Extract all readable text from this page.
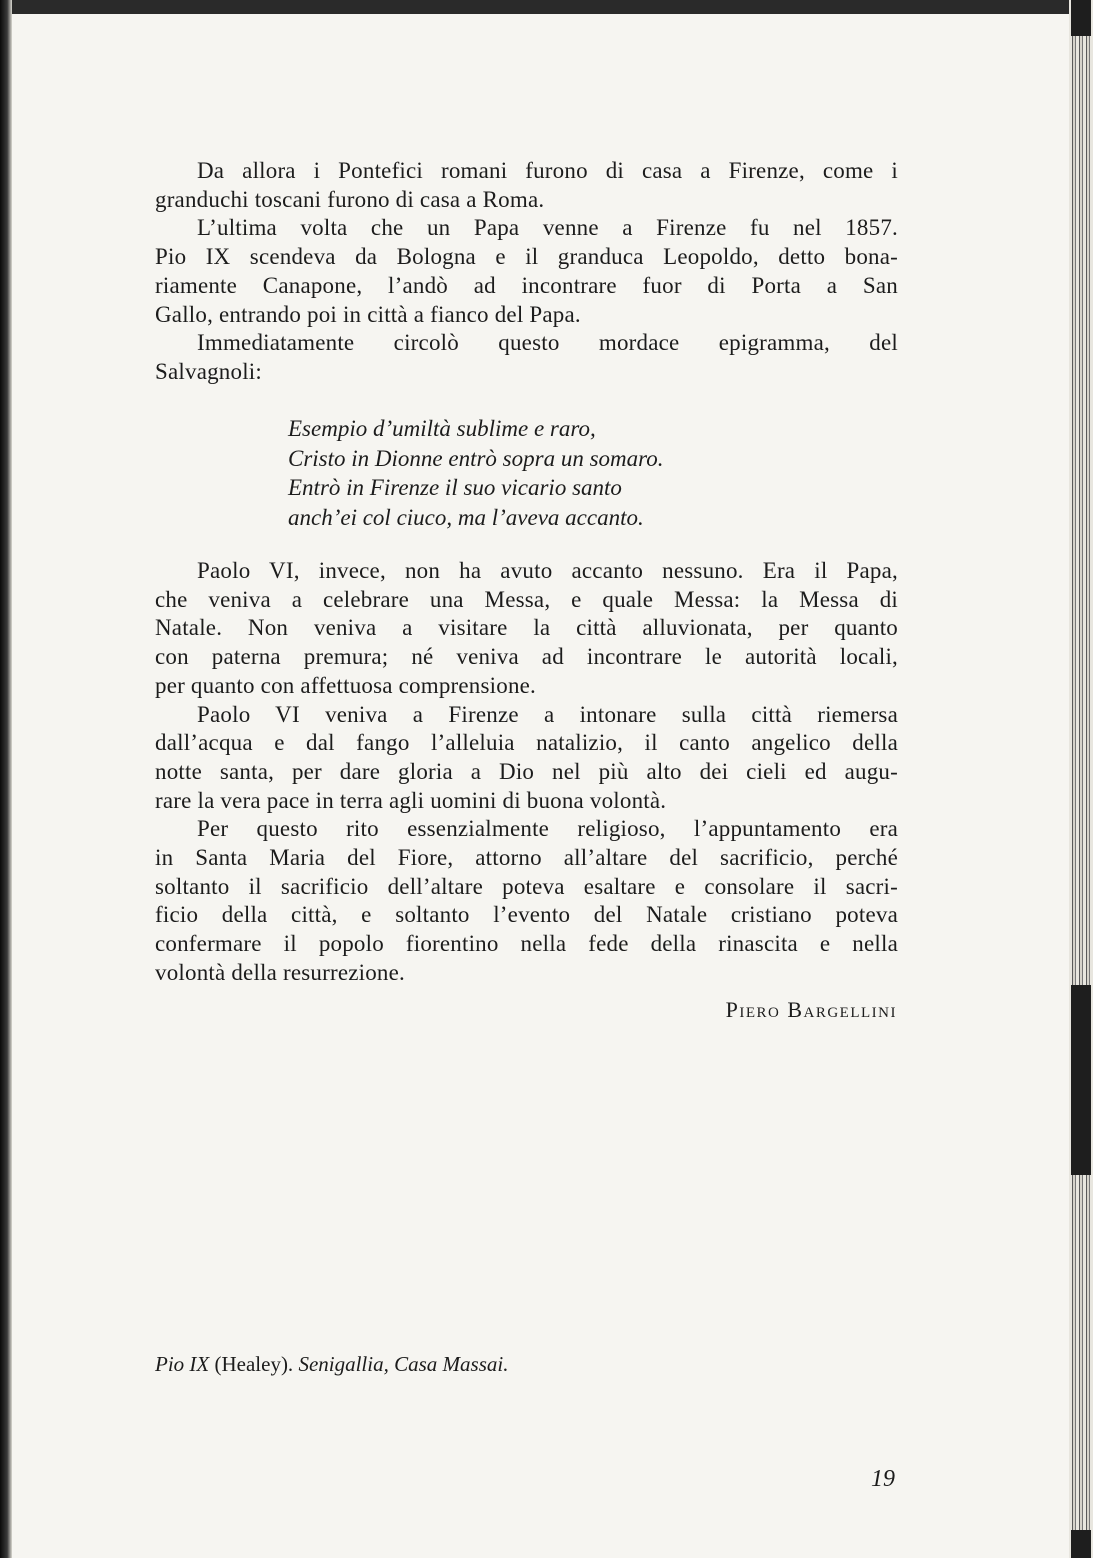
Da allora i Pontefici romani furono di casa a Firenze, come i
granduchi toscani furono di casa a Roma.

L’ultima volta che un Papa venne a Firenze fu nel 1857.
Pio IX scendeva da Bologna e il granduca Leopoldo, detto bona-
riamente Canapone, l’andò ad incontrare fuor di Porta a San
Gallo, entrando poi in città a fianco del Papa.

Immediatamente circolò questo mordace epigramma, del
Salvagnoli:

Esempio d’umiltà sublime e raro,
Cristo in Dionne entrò sopra un somaro.
Entrò in Firenze il suo vicario santo
anch’ei col ciuco, ma l’aveva accanto.

Paolo VI, invece, non ha avuto accanto nessuno. Era il Papa,
che veniva a celebrare una Messa, e quale Messa: la Messa di
Natale. Non veniva a visitare la città alluvionata, per quanto
con paterna premura; né veniva ad incontrare le autorità locali,
per quanto con affettuosa comprensione.

Paolo VI veniva a Firenze a intonare sulla città riemersa
dall’acqua e dal fango l’alleluia natalizio, il canto angelico della
notte santa, per dare gloria a Dio nel più alto dei cieli ed augu-
rare la vera pace in terra agli uomini di buona volontà.

Per questo rito essenzialmente religioso, l’appuntamento era
in Santa Maria del Fiore, attorno all’altare del sacrificio, perché
soltanto il sacrificio dell’altare poteva esaltare e consolare il sacri-
ficio della città, e soltanto l’evento del Natale cristiano poteva
confermare il popolo fiorentino nella fede della rinascita e nella
volontà della resurrezione.

Piero Bargellini
Pio IX (Healey). Senigallia, Casa Massai.
19
